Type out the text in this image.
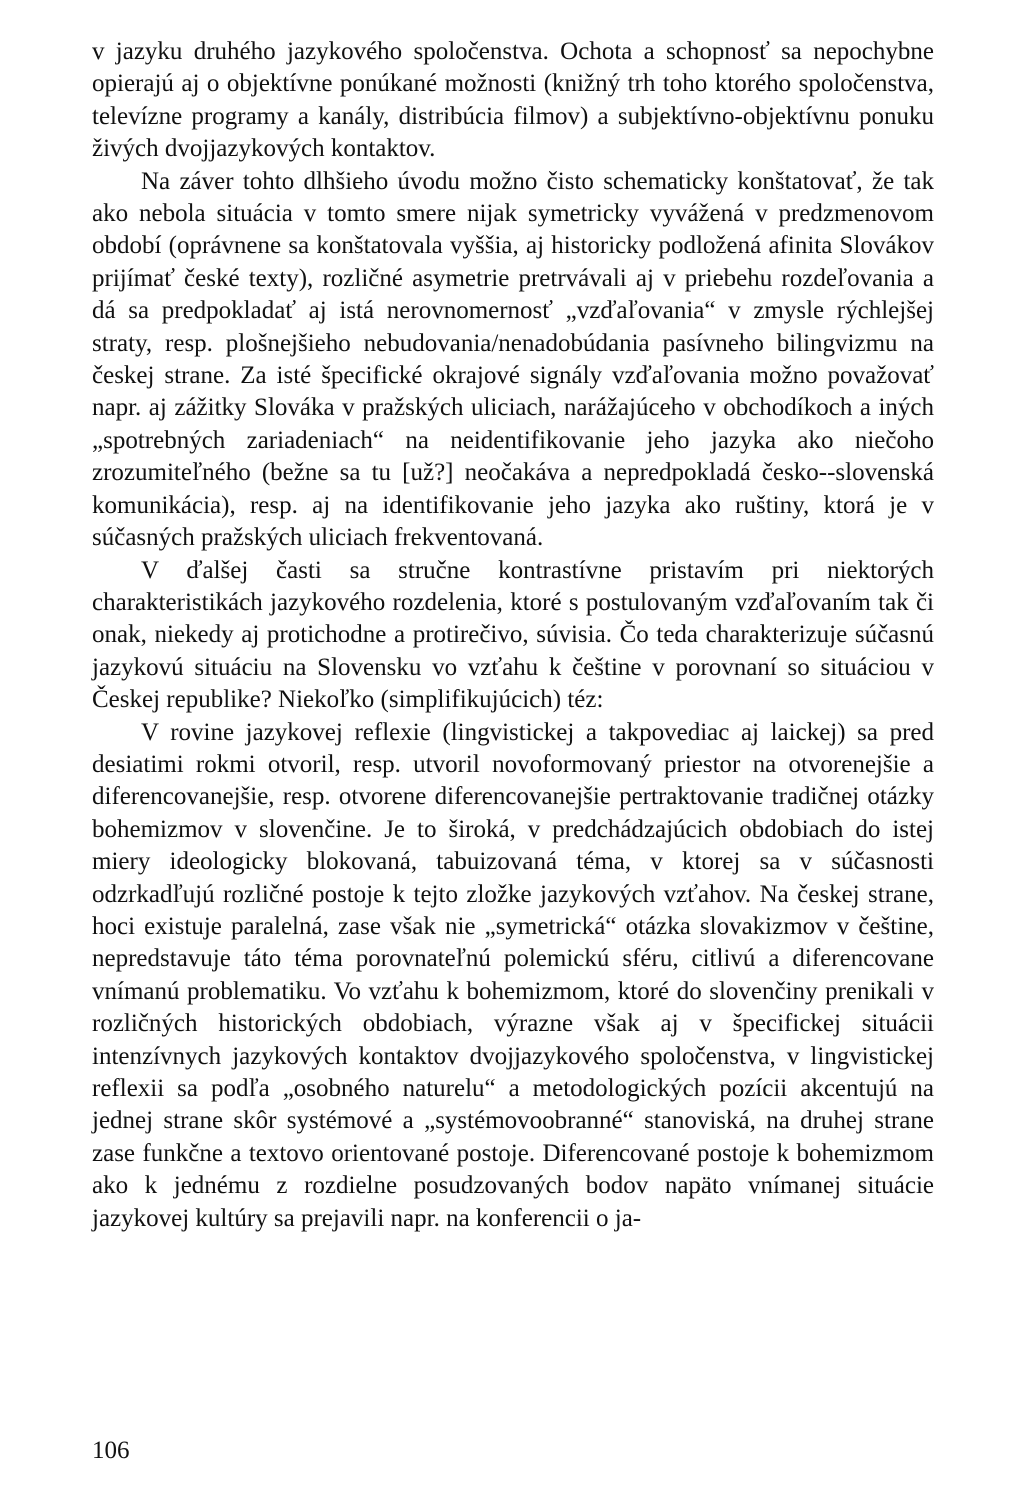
v jazyku druhého jazykového spoločenstva. Ochota a schopnosť sa nepochybne opierajú aj o objektívne ponúkané možnosti (knižný trh toho ktorého spoločenstva, televízne programy a kanály, distribúcia filmov) a subjektívno-objektívnu ponuku živých dvojjazykových kontaktov.

Na záver tohto dlhšieho úvodu možno čisto schematicky konštatovať, že tak ako nebola situácia v tomto smere nijak symetricky vyvážená v predzmenovom období (oprávnene sa konštatovala vyššia, aj historicky podložená afinita Slovákov prijímať české texty), rozličné asymetrie pretrvávali aj v priebehu rozdeľovania a dá sa predpokladať aj istá nerovnomernosť „vzďaľovania“ v zmysle rýchlejšej straty, resp. plošnejšieho nebudovania/nenadobúdania pasívneho bilingvizmu na českej strane. Za isté špecifické okrajové signály vzďaľovania možno považovať napr. aj zážitky Slováka v pražských uliciach, narážajúceho v obchodíkoch a iných „spotrebných zariadeniach“ na neidentifikovanie jeho jazyka ako niečoho zrozumiteľného (bežne sa tu [už?] neočakáva a nepredpokladá česko--slovenská komunikácia), resp. aj na identifikovanie jeho jazyka ako ruštiny, ktorá je v súčasných pražských uliciach frekventovaná.

V ďalšej časti sa stručne kontrastívne pristavím pri niektorých charakteristikách jazykového rozdelenia, ktoré s postulovaným vzďaľovaním tak či onak, niekedy aj protichodne a protirečivo, súvisia. Čo teda charakterizuje súčasnú jazykovú situáciu na Slovensku vo vzťahu k češtine v porovnaní so situáciou v Českej republike? Niekoľko (simplifikujúcich) téz:

V rovine jazykovej reflexie (lingvistickej a takpovediac aj laickej) sa pred desiatimi rokmi otvoril, resp. utvoril novoformovaný priestor na otvorenejšie a diferencovanejšie, resp. otvorene diferencovanejšie pertraktovanie tradičnej otázky bohemizmov v slovenčine. Je to široká, v predchádzajúcich obdobiach do istej miery ideologicky blokovaná, tabuizovaná téma, v ktorej sa v súčasnosti odzrkadľujú rozličné postoje k tejto zložke jazykových vzťahov. Na českej strane, hoci existuje paralelná, zase však nie „symetrická“ otázka slovakizmov v češtine, nepredstavuje táto téma porovnateľnú polemickú sféru, citlivú a diferencovane vnímanú problematiku. Vo vzťahu k bohemizmom, ktoré do slovenčiny prenikali v rozličných historických obdobiach, výrazne však aj v špecifickej situácii intenzívnych jazykových kontaktov dvojjazykového spoločenstva, v lingvistickej reflexii sa podľa „osobného naturelu“ a metodologických pozícii akcentujú na jednej strane skôr systémové a „systémovoobranné“ stanoviská, na druhej strane zase funkčne a textovo orientované postoje. Diferencované postoje k bohemizmom ako k jednému z rozdielne posudzovaných bodov napäto vnímanej situácie jazykovej kultúry sa prejavili napr. na konferencii o ja-

106
